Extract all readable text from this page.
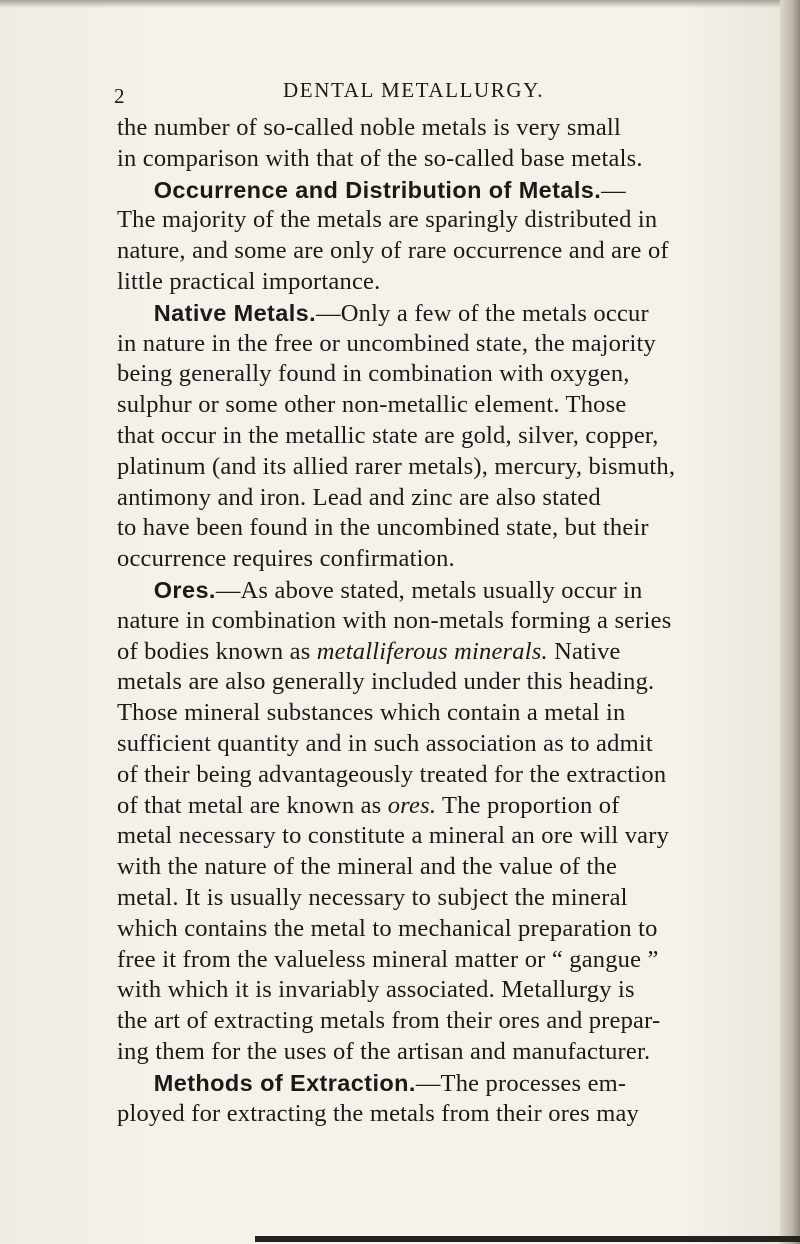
2	DENTAL METALLURGY.
the number of so-called noble metals is very small
in comparison with that of the so-called base metals.
Occurrence and Distribution of Metals.—
The majority of the metals are sparingly distributed in
nature, and some are only of rare occurrence and are of
little practical importance.
Native Metals.—Only a few of the metals occur
in nature in the free or uncombined state, the majority
being generally found in combination with oxygen,
sulphur or some other non-metallic element. Those
that occur in the metallic state are gold, silver, copper,
platinum (and its allied rarer metals), mercury, bismuth,
antimony and iron. Lead and zinc are also stated
to have been found in the uncombined state, but their
occurrence requires confirmation.
Ores.—As above stated, metals usually occur in
nature in combination with non-metals forming a series
of bodies known as metalliferous minerals. Native
metals are also generally included under this heading.
Those mineral substances which contain a metal in
sufficient quantity and in such association as to admit
of their being advantageously treated for the extraction
of that metal are known as ores. The proportion of
metal necessary to constitute a mineral an ore will vary
with the nature of the mineral and the value of the
metal. It is usually necessary to subject the mineral
which contains the metal to mechanical preparation to
free it from the valueless mineral matter or “ gangue ”
with which it is invariably associated. Metallurgy is
the art of extracting metals from their ores and prepar-
ing them for the uses of the artisan and manufacturer.
Methods of Extraction.—The processes em-
ployed for extracting the metals from their ores may
